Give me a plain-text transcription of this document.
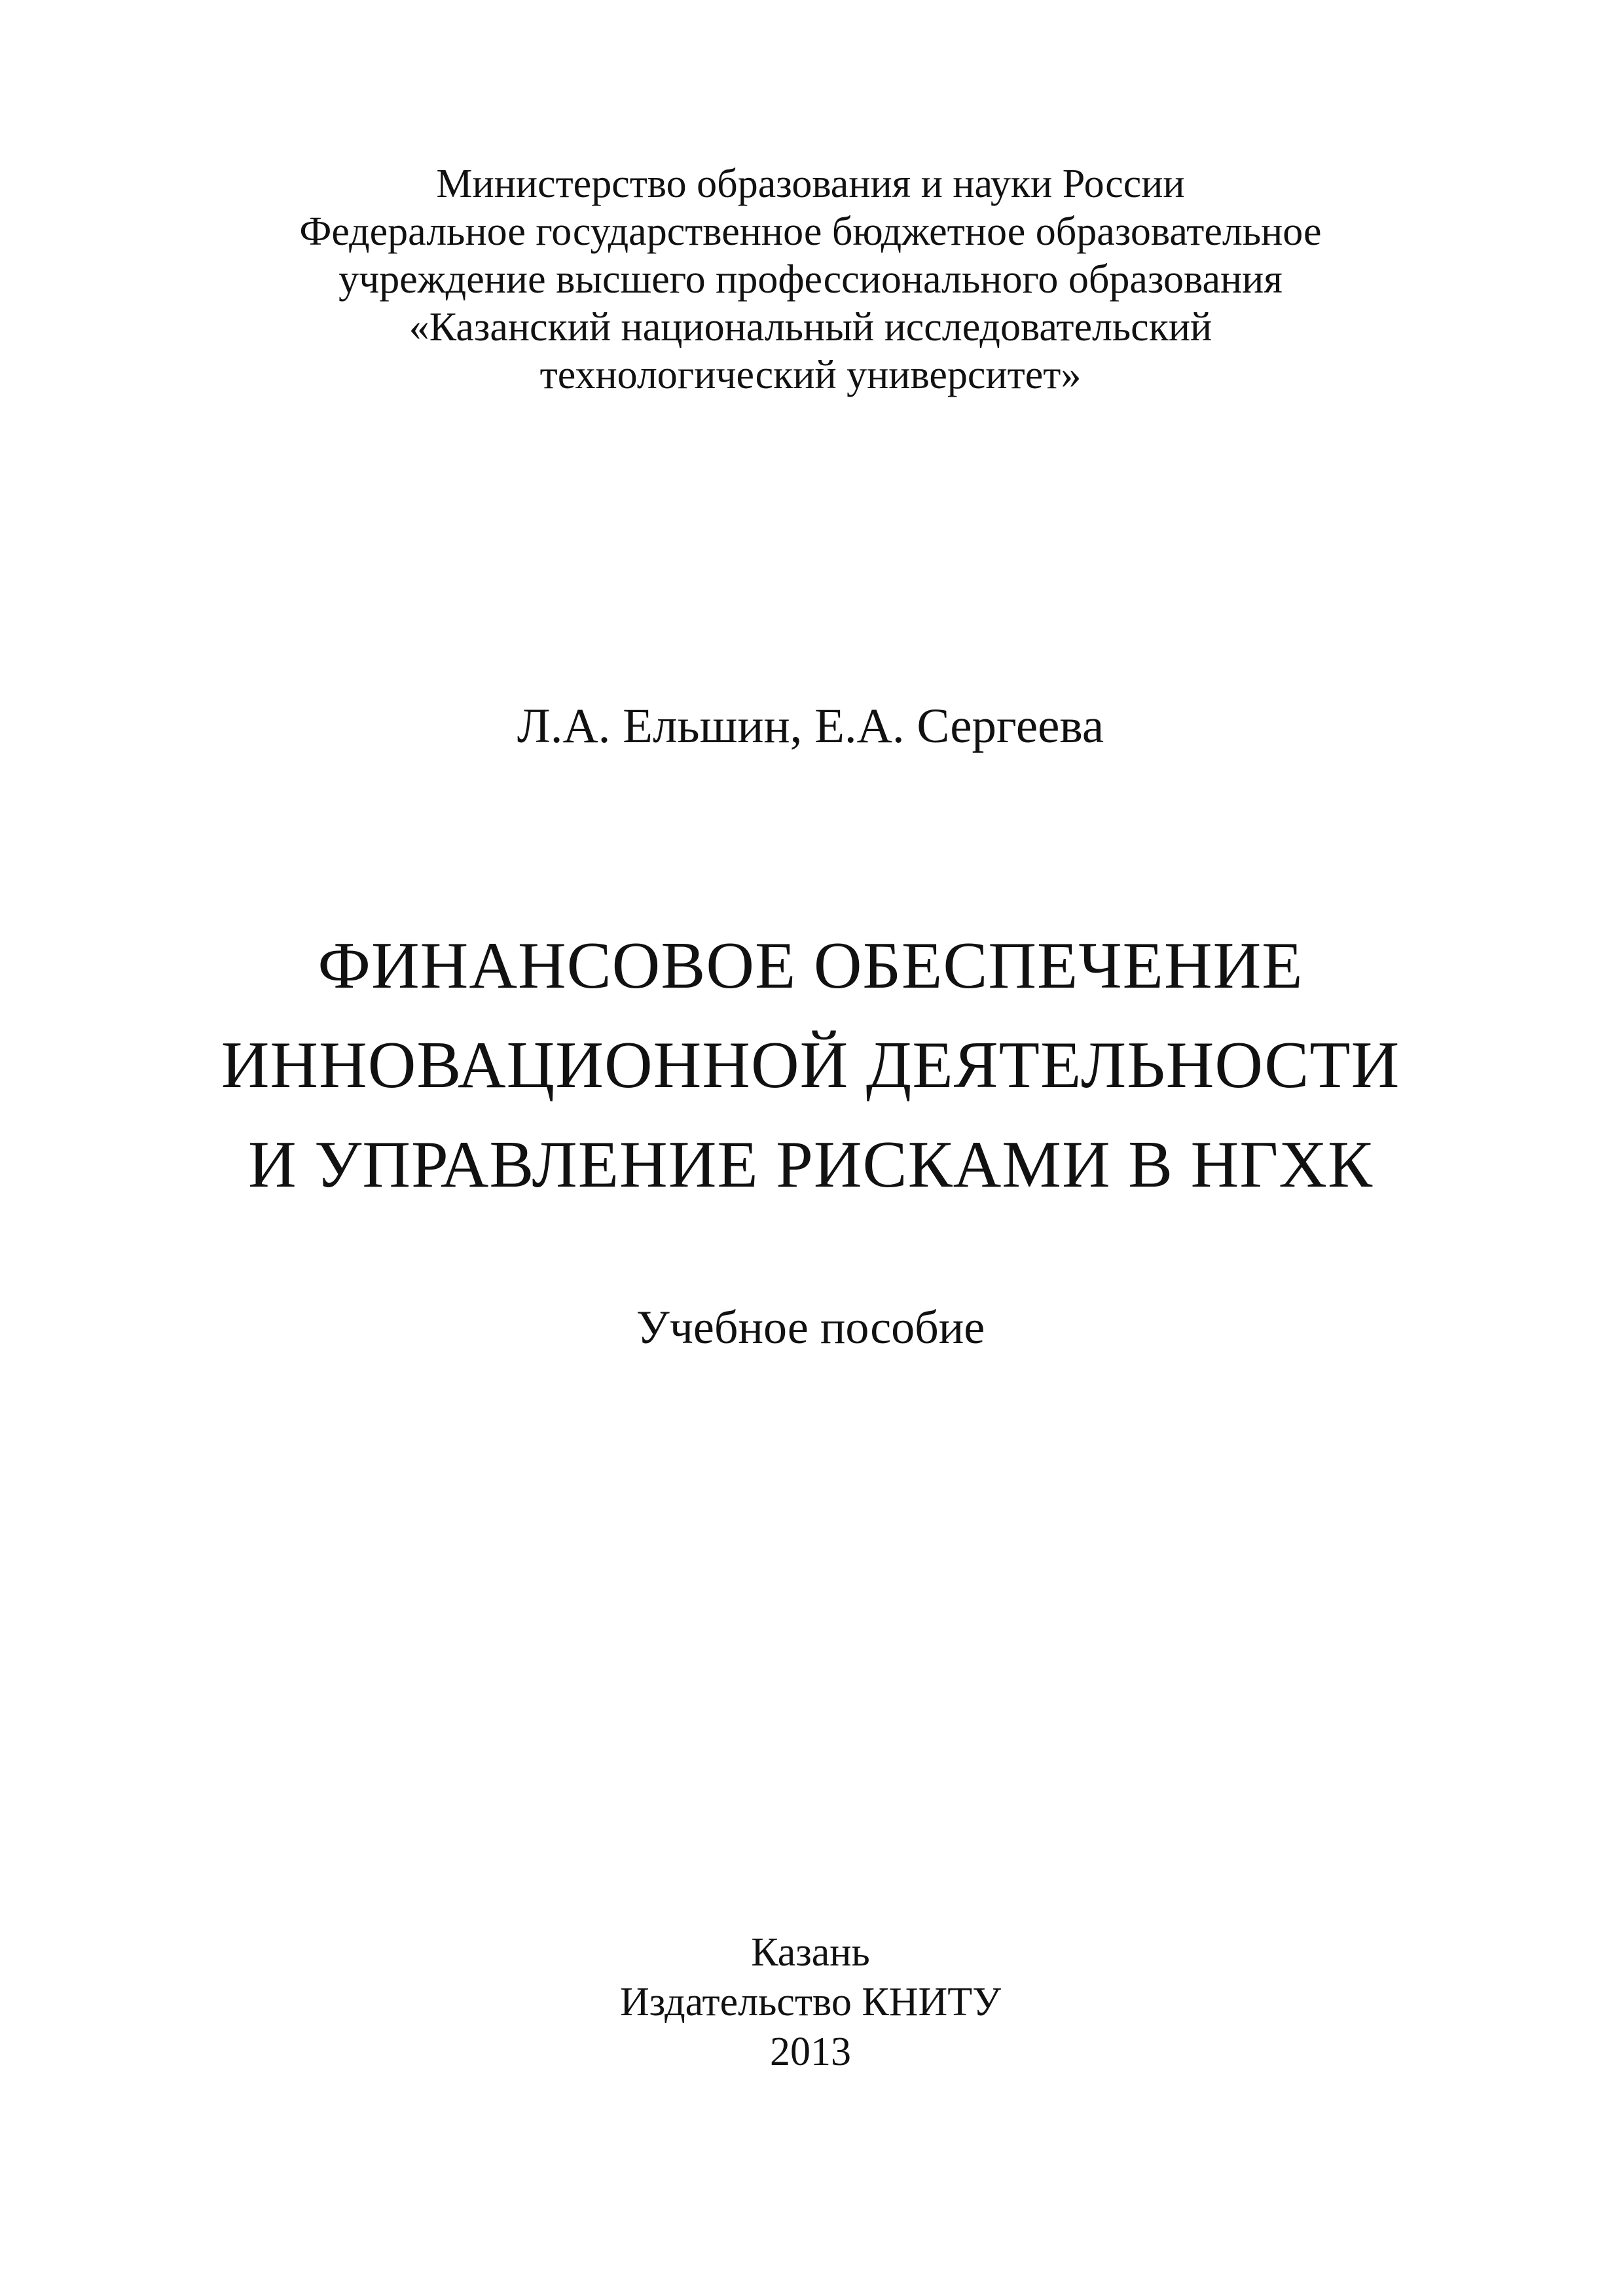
Министерство образования и науки России
Федеральное государственное бюджетное образовательное
учреждение высшего профессионального образования
«Казанский национальный исследовательский
технологический университет»
Л.А. Ельшин, Е.А. Сергеева
ФИНАНСОВОЕ ОБЕСПЕЧЕНИЕ
ИННОВАЦИОННОЙ ДЕЯТЕЛЬНОСТИ
И УПРАВЛЕНИЕ РИСКАМИ В НГХК
Учебное пособие
Казань
Издательство КНИТУ
2013
